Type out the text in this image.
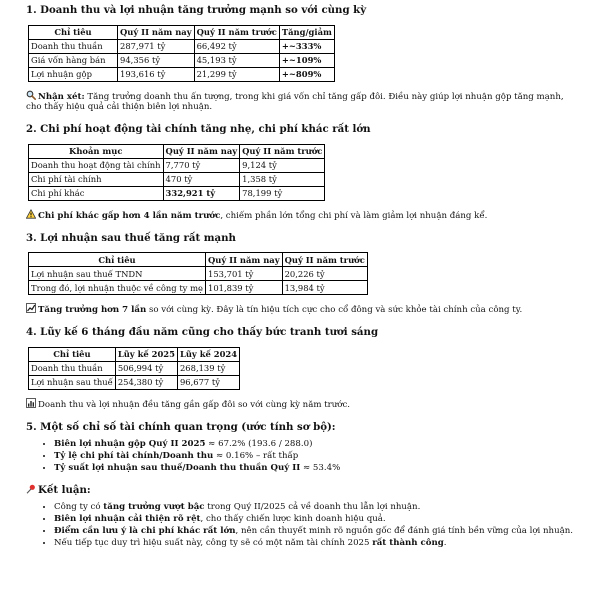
1. Doanh thu và lợi nhuận tăng trưởng mạnh so với cùng kỳ
Chỉ tiêu	Quý II năm nay	Quý II năm trước	Tăng/giảm
Doanh thu thuần	287,971 tỷ	66,492 tỷ	+~333%
Giá vốn hàng bán	94,356 tỷ	45,193 tỷ	+~109%
Lợi nhuận gộp	193,616 tỷ	21,299 tỷ	+~809%

Nhận xét: Tăng trưởng doanh thu ấn tượng, trong khi giá vốn chỉ tăng gấp đôi. Điều này giúp lợi nhuận gộp tăng mạnh, cho thấy hiệu quả cải thiện biên lợi nhuận.

2. Chi phí hoạt động tài chính tăng nhẹ, chi phí khác rất lớn
Khoản mục	Quý II năm nay	Quý II năm trước
Doanh thu hoạt động tài chính	7,770 tỷ	9,124 tỷ
Chi phí tài chính	470 tỷ	1,358 tỷ
Chi phí khác	332,921 tỷ	78,199 tỷ

Chi phí khác gấp hơn 4 lần năm trước, chiếm phần lớn tổng chi phí và làm giảm lợi nhuận đáng kể.

3. Lợi nhuận sau thuế tăng rất mạnh
Chỉ tiêu	Quý II năm nay	Quý II năm trước
Lợi nhuận sau thuế TNDN	153,701 tỷ	20,226 tỷ
Trong đó, lợi nhuận thuộc về công ty mẹ	101,839 tỷ	13,984 tỷ

Tăng trưởng hơn 7 lần so với cùng kỳ. Đây là tín hiệu tích cực cho cổ đông và sức khỏe tài chính của công ty.

4. Lũy kế 6 tháng đầu năm cũng cho thấy bức tranh tươi sáng
Chỉ tiêu	Lũy kế 2025	Lũy kế 2024
Doanh thu thuần	506,994 tỷ	268,139 tỷ
Lợi nhuận sau thuế	254,380 tỷ	96,677 tỷ

Doanh thu và lợi nhuận đều tăng gần gấp đôi so với cùng kỳ năm trước.

5. Một số chỉ số tài chính quan trọng (ước tính sơ bộ):
• Biên lợi nhuận gộp Quý II 2025 ≈ 67.2% (193.6 / 288.0)
• Tỷ lệ chi phí tài chính/Doanh thu ≈ 0.16% – rất thấp
• Tỷ suất lợi nhuận sau thuế/Doanh thu thuần Quý II ≈ 53.4%
Kết luận:
• Công ty có tăng trưởng vượt bậc trong Quý II/2025 cả về doanh thu lẫn lợi nhuận.
• Biên lợi nhuận cải thiện rõ rệt, cho thấy chiến lược kinh doanh hiệu quả.
• Điểm cần lưu ý là chi phí khác rất lớn, nên cần thuyết minh rõ nguồn gốc để đánh giá tính bền vững của lợi nhuận.
• Nếu tiếp tục duy trì hiệu suất này, công ty sẽ có một năm tài chính 2025 rất thành công.
